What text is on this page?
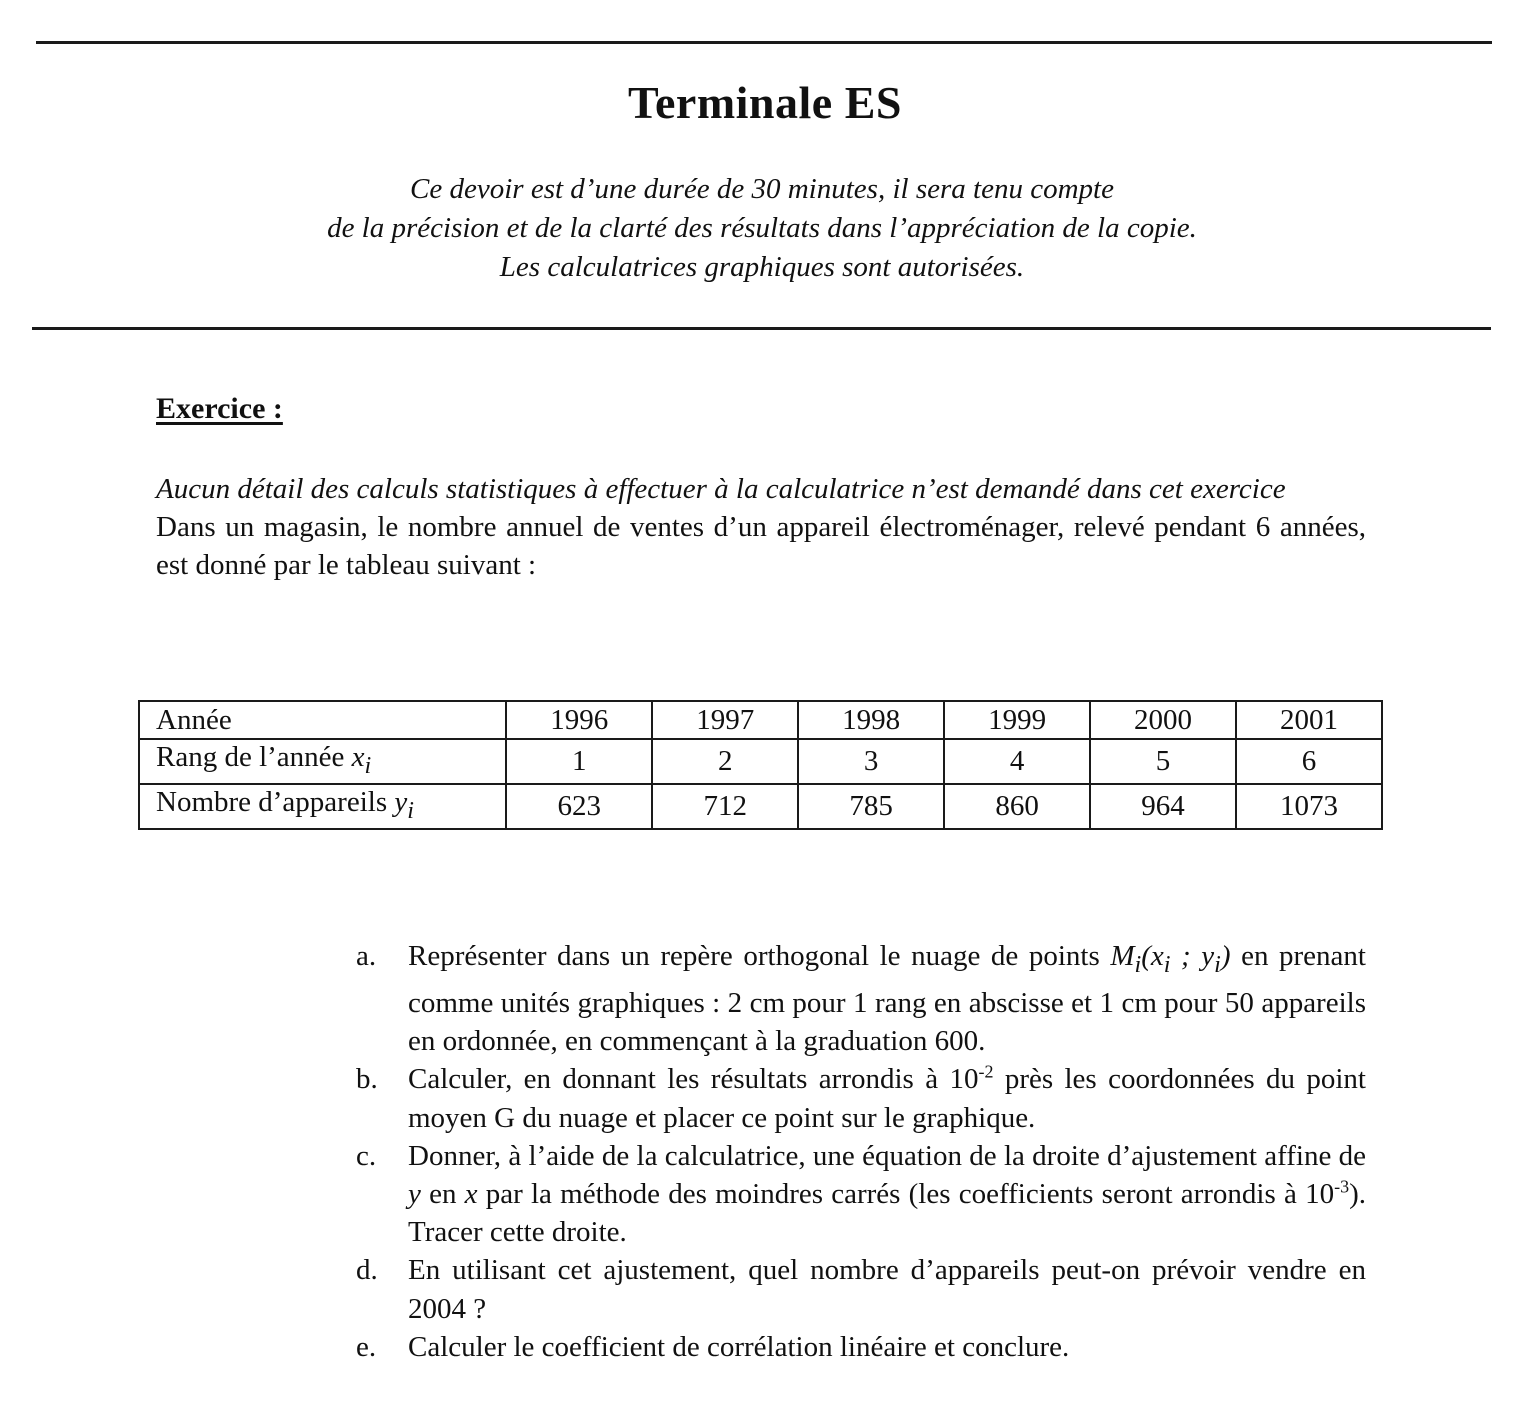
Terminale ES
Ce devoir est d’une durée de 30 minutes, il sera tenu compte
de la précision et de la clarté des résultats dans l’appréciation de la copie.
Les calculatrices graphiques sont autorisées.
Exercice :
Aucun détail des calculs statistiques à effectuer à la calculatrice n’est demandé dans cet exercice
Dans un magasin, le nombre annuel de ventes d’un appareil électroménager, relevé pendant 6 années, est donné par le tableau suivant :
Année	1996	1997	1998	1999	2000	2001
Rang de l’année $x_i$	1	2	3	4	5	6
Nombre d’appareils $y_i$	623	712	785	860	964	1073
a.	Représenter dans un repère orthogonal le nuage de points $M_i(x_i$ ; $y_i$) en prenant comme unités graphiques : 2 cm pour 1 rang en abscisse et 1 cm pour 50 appareils en ordonnée, en commençant à la graduation 600.
b.	Calculer, en donnant les résultats arrondis à $10^{-2}$ près les coordonnées du point moyen G du nuage et placer ce point sur le graphique.
c.	Donner, à l’aide de la calculatrice, une équation de la droite d’ajustement affine de y en x par la méthode des moindres carrés (les coefficients seront arrondis à $10^{-3}$). Tracer cette droite.
d.	En utilisant cet ajustement, quel nombre d’appareils peut-on prévoir vendre en 2004 ?
e.	Calculer le coefficient de corrélation linéaire et conclure.
